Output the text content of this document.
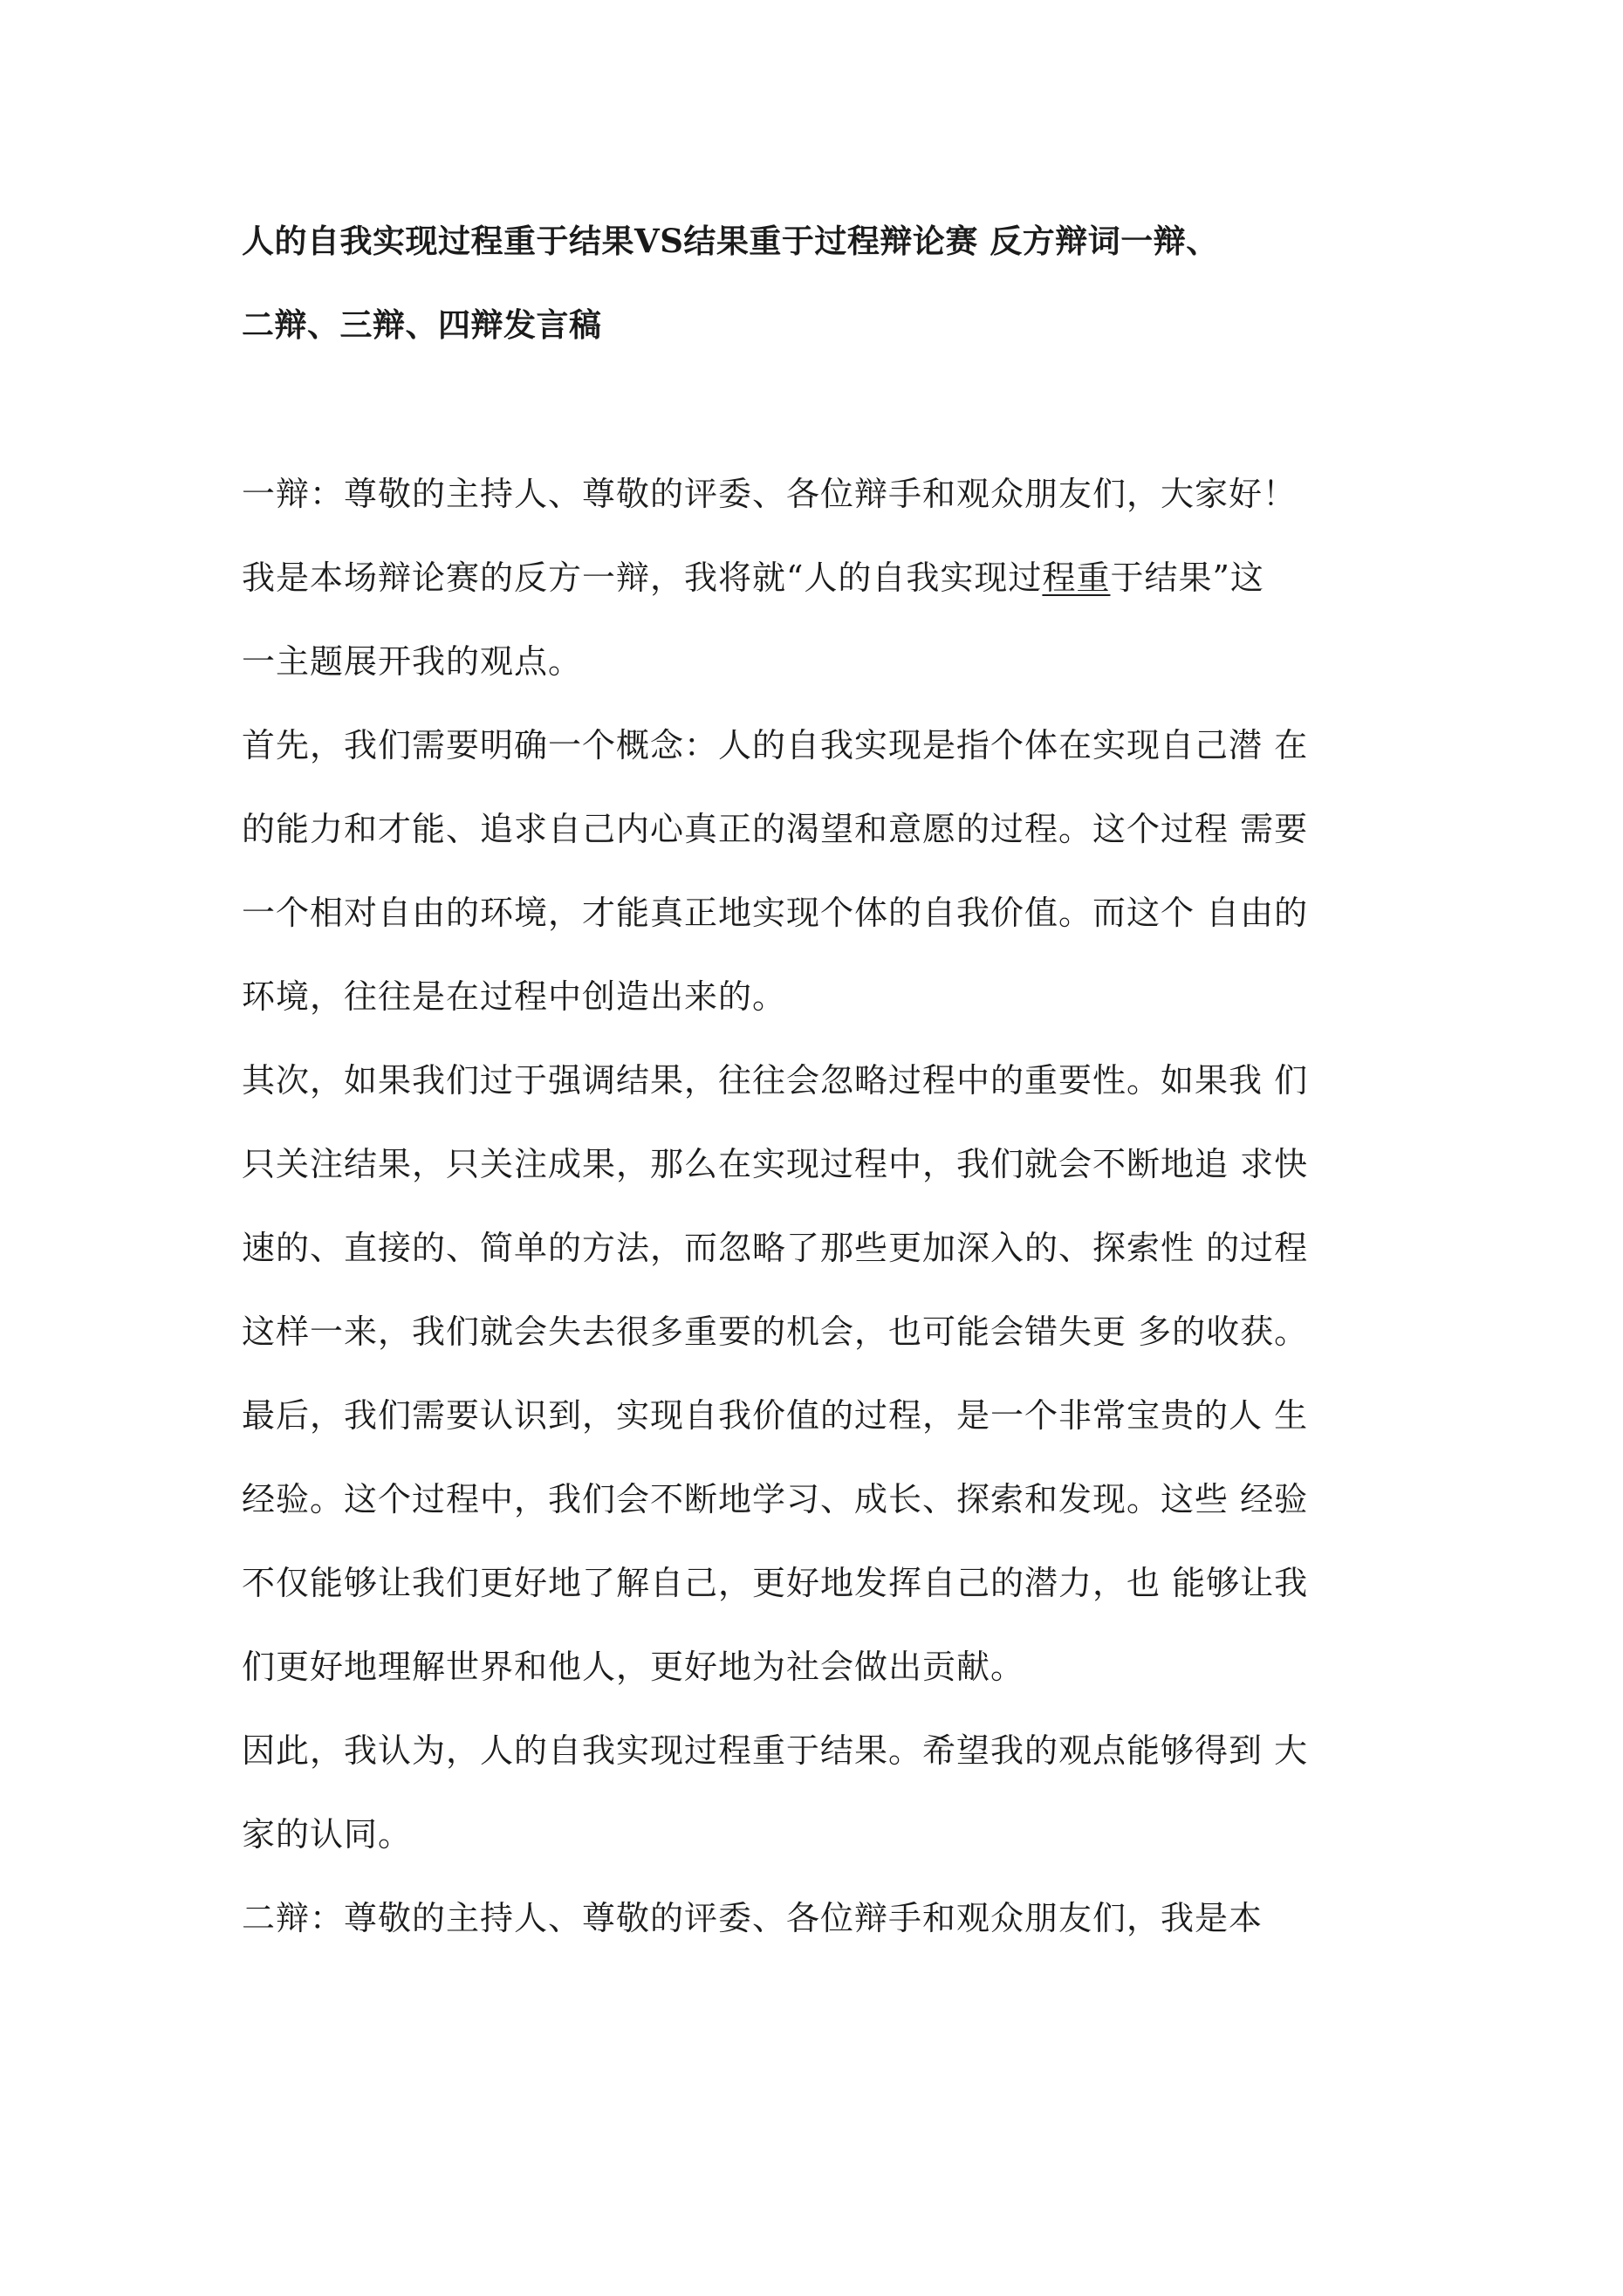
人的自我实现过程重于结果VS结果重于过程辩论赛 反方辩词一辩、
二辩、三辩、四辩发言稿
一辩：尊敬的主持人、尊敬的评委、各位辩手和观众朋友们，大家好！
我是本场辩论赛的反方一辩，我将就“人的自我实现过程重于结果”这
一主题展开我的观点。
首先，我们需要明确一个概念：人的自我实现是指个体在实现自己潜 在
的能力和才能、追求自己内心真正的渴望和意愿的过程。这个过程 需要
一个相对自由的环境，才能真正地实现个体的自我价值。而这个 自由的
环境，往往是在过程中创造出来的。
其次，如果我们过于强调结果，往往会忽略过程中的重要性。如果我 们
只关注结果，只关注成果，那么在实现过程中，我们就会不断地追 求快
速的、直接的、简单的方法，而忽略了那些更加深入的、探索性 的过程
这样一来，我们就会失去很多重要的机会，也可能会错失更 多的收获。
最后，我们需要认识到，实现自我价值的过程，是一个非常宝贵的人 生
经验。这个过程中，我们会不断地学习、成长、探索和发现。这些 经验
不仅能够让我们更好地了解自己，更好地发挥自己的潜力，也 能够让我
们更好地理解世界和他人，更好地为社会做出贡献。
因此，我认为，人的自我实现过程重于结果。希望我的观点能够得到 大
家的认同。
二辩：尊敬的主持人、尊敬的评委、各位辩手和观众朋友们，我是本
